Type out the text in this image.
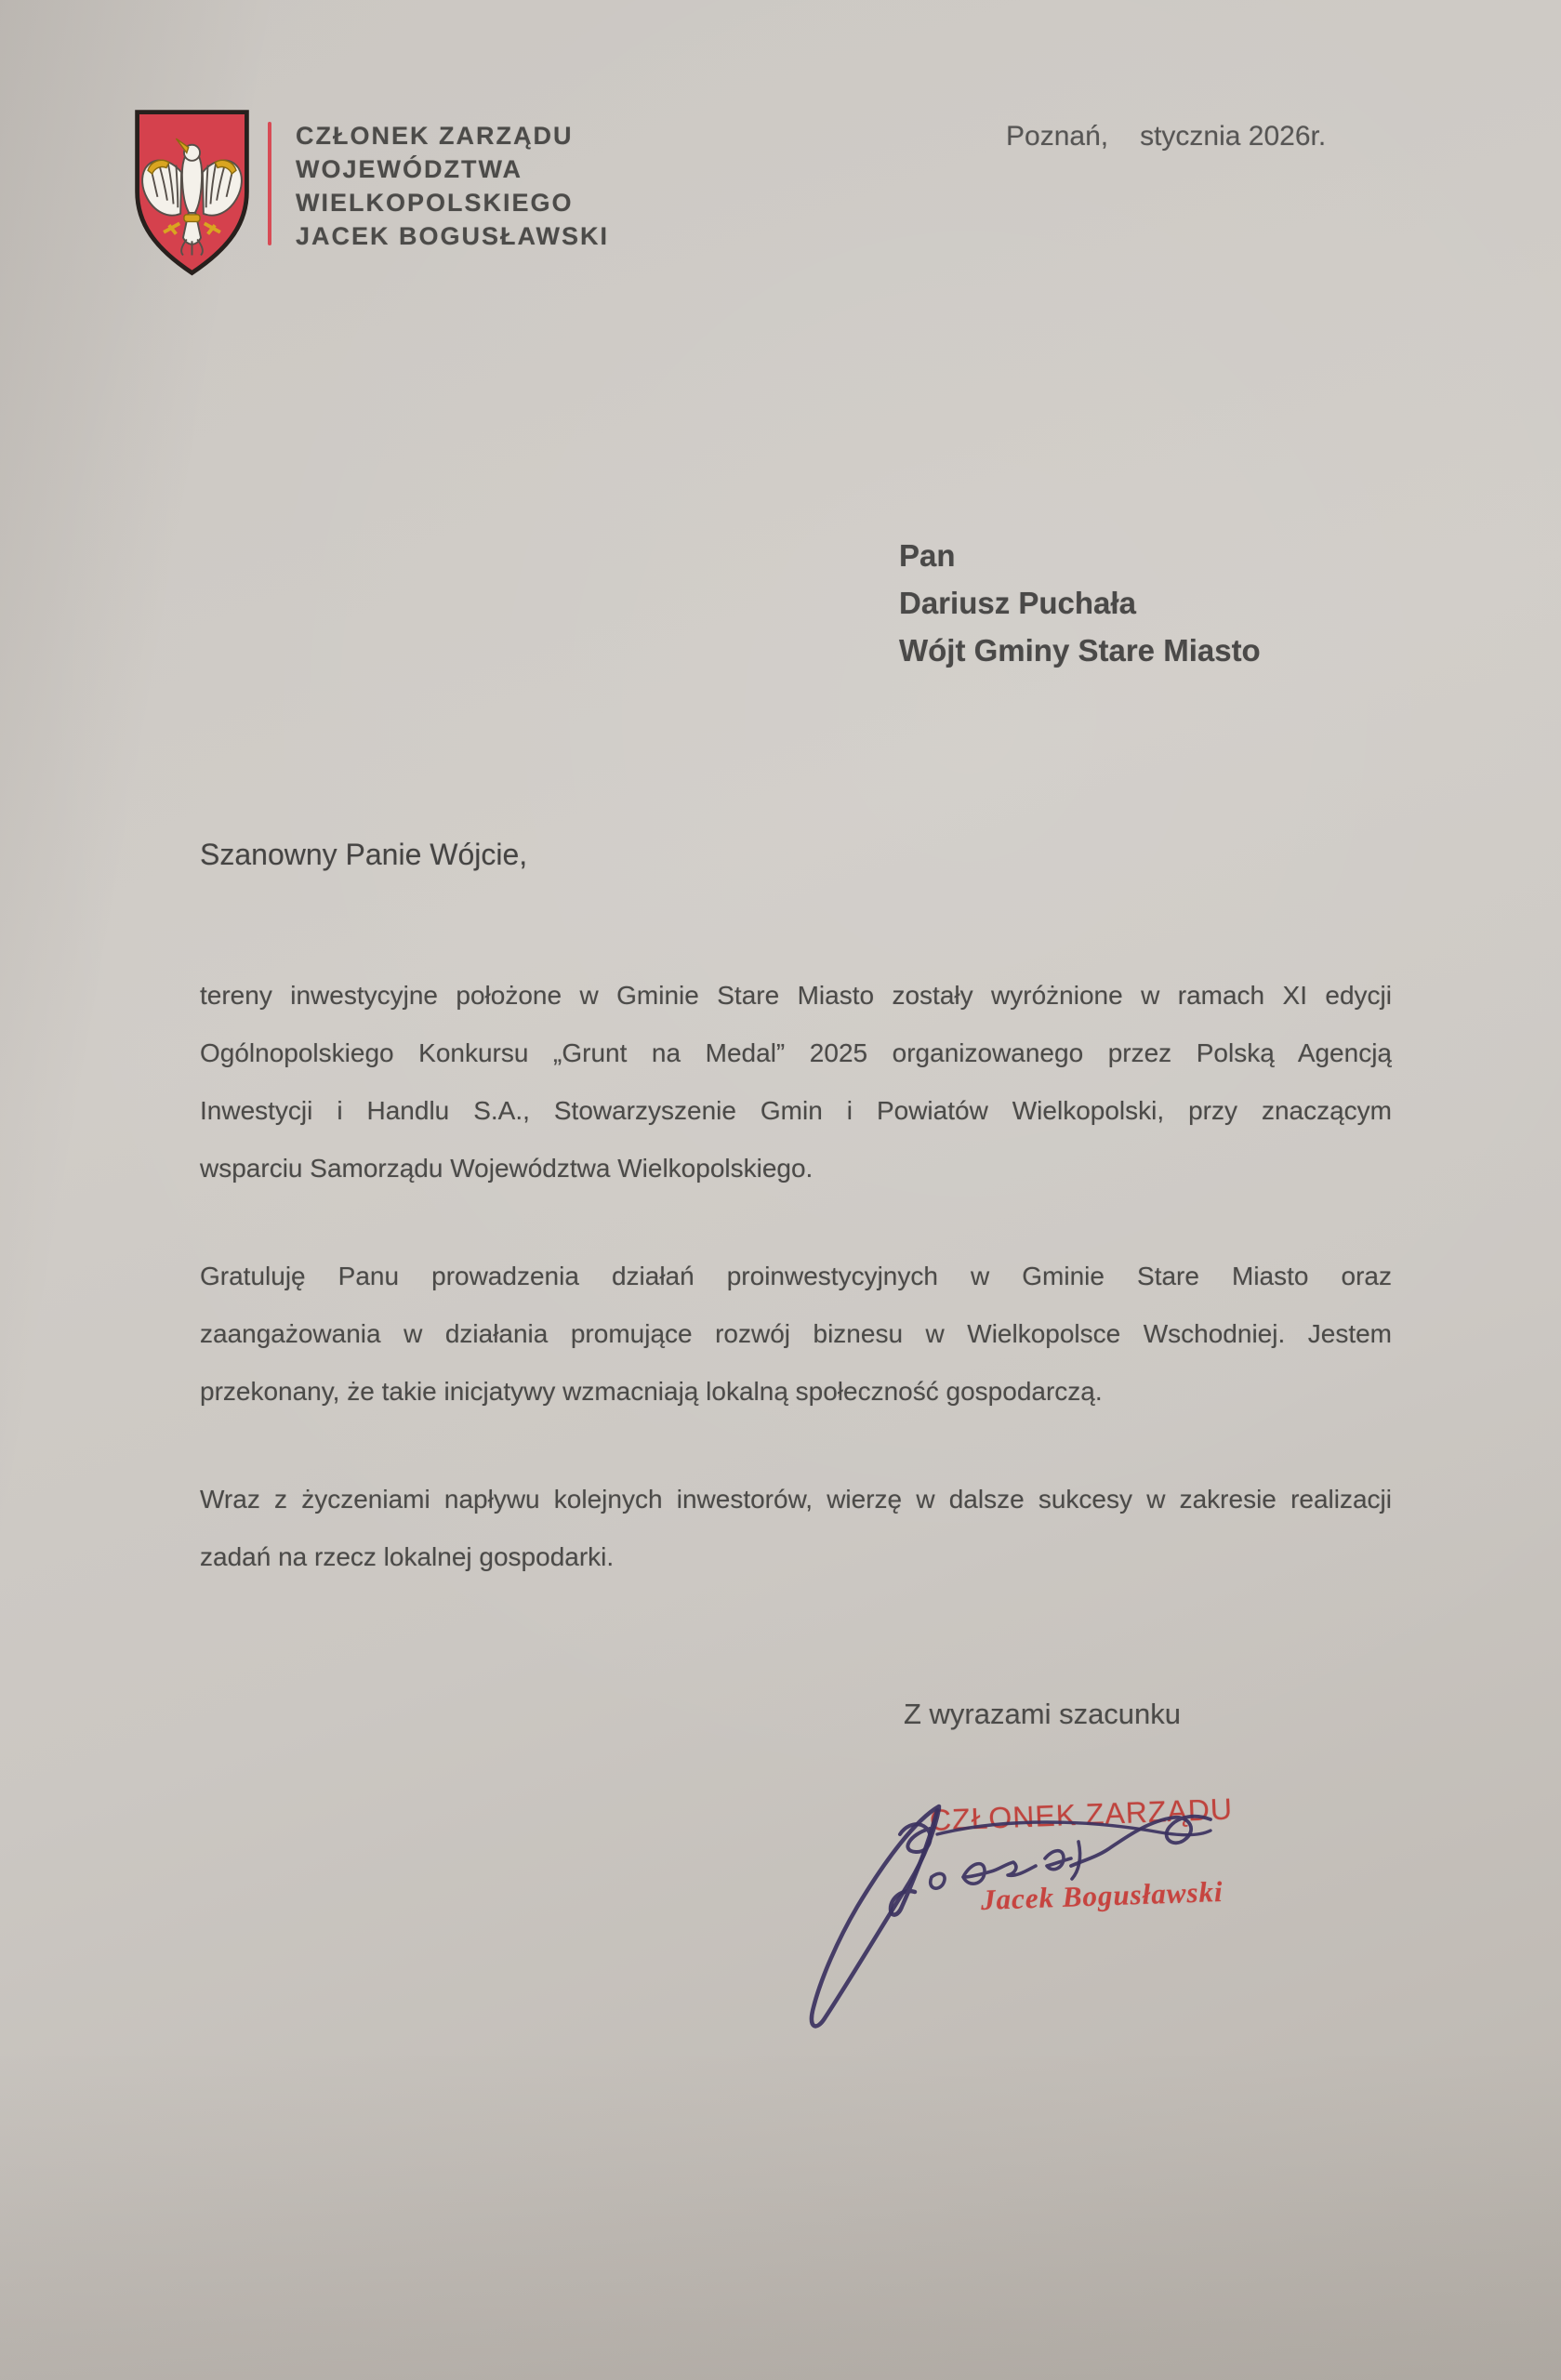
CZŁONEK ZARZĄDU
WOJEWÓDZTWA
WIELKOPOLSKIEGO
JACEK BOGUSŁAWSKI
Poznań, stycznia 2026r.
Pan
Dariusz Puchała
Wójt Gminy Stare Miasto
Szanowny Panie Wójcie,
tereny inwestycyjne położone w Gminie Stare Miasto zostały wyróżnione w ramach XI edycji
Ogólnopolskiego Konkursu „Grunt na Medal” 2025 organizowanego przez Polską Agencją
Inwestycji i Handlu S.A., Stowarzyszenie Gmin i Powiatów Wielkopolski, przy znaczącym
wsparciu Samorządu Województwa Wielkopolskiego.
Gratuluję Panu prowadzenia działań proinwestycyjnych w Gminie Stare Miasto oraz
zaangażowania w działania promujące rozwój biznesu w Wielkopolsce Wschodniej. Jestem
przekonany, że takie inicjatywy wzmacniają lokalną społeczność gospodarczą.
Wraz z życzeniami napływu kolejnych inwestorów, wierzę w dalsze sukcesy w zakresie realizacji
zadań na rzecz lokalnej gospodarki.
Z wyrazami szacunku
CZŁONEK ZARZĄDU
Jacek Bogusławski
